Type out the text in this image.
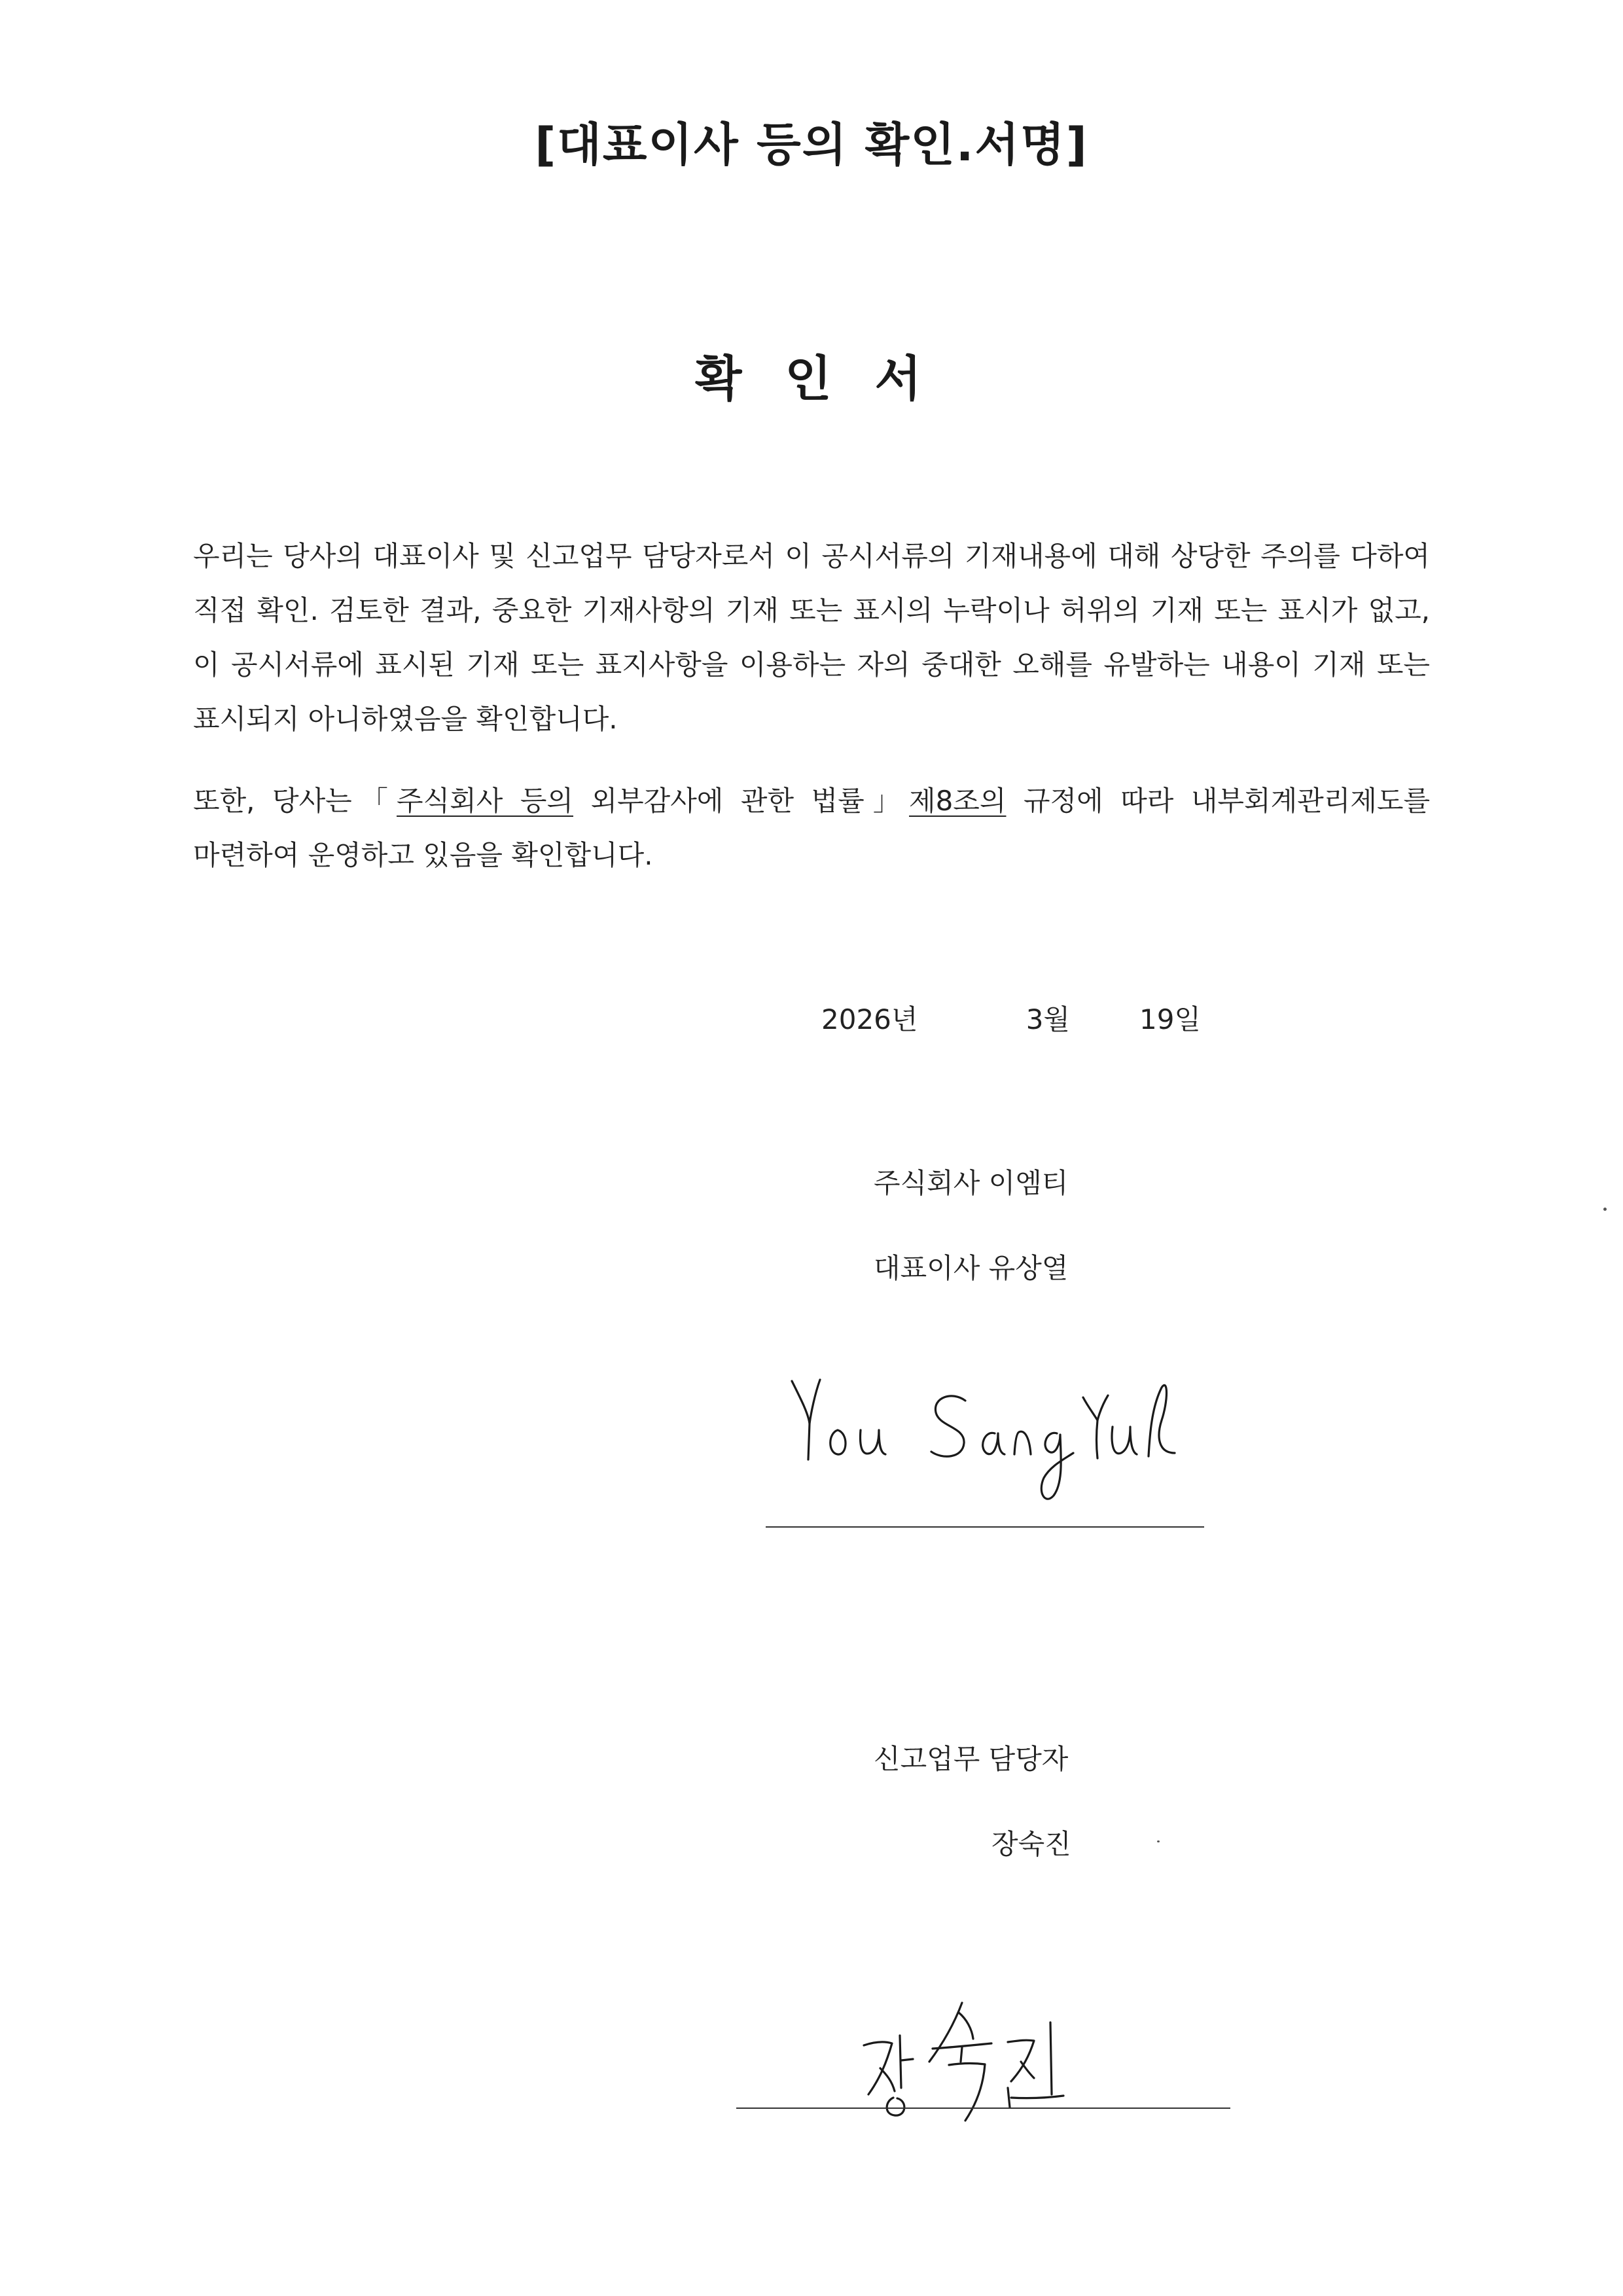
[대표이사 등의 확인.서명]
확 인 서
우리는 당사의 대표이사 및 신고업무 담당자로서 이 공시서류의 기재내용에 대해 상당한 주의를 다하여 직접 확인. 검토한 결과, 중요한 기재사항의 기재 또는 표시의 누락이나 허위의 기재 또는 표시가 없고, 이 공시서류에 표시된 기재 또는 표지사항을 이용하는 자의 중대한 오해를 유발하는 내용이 기재 또는 표시되지 아니하였음을 확인합니다.
또한, 당사는「주식회사 등의 외부감사에 관한 법률」제8조의 규정에 따라 내부회계관리제도를 마련하여 운영하고 있음을 확인합니다.
2026년	3월	19일
주식회사 이엠티
대표이사 유상열
신고업무 담당자
장숙진
